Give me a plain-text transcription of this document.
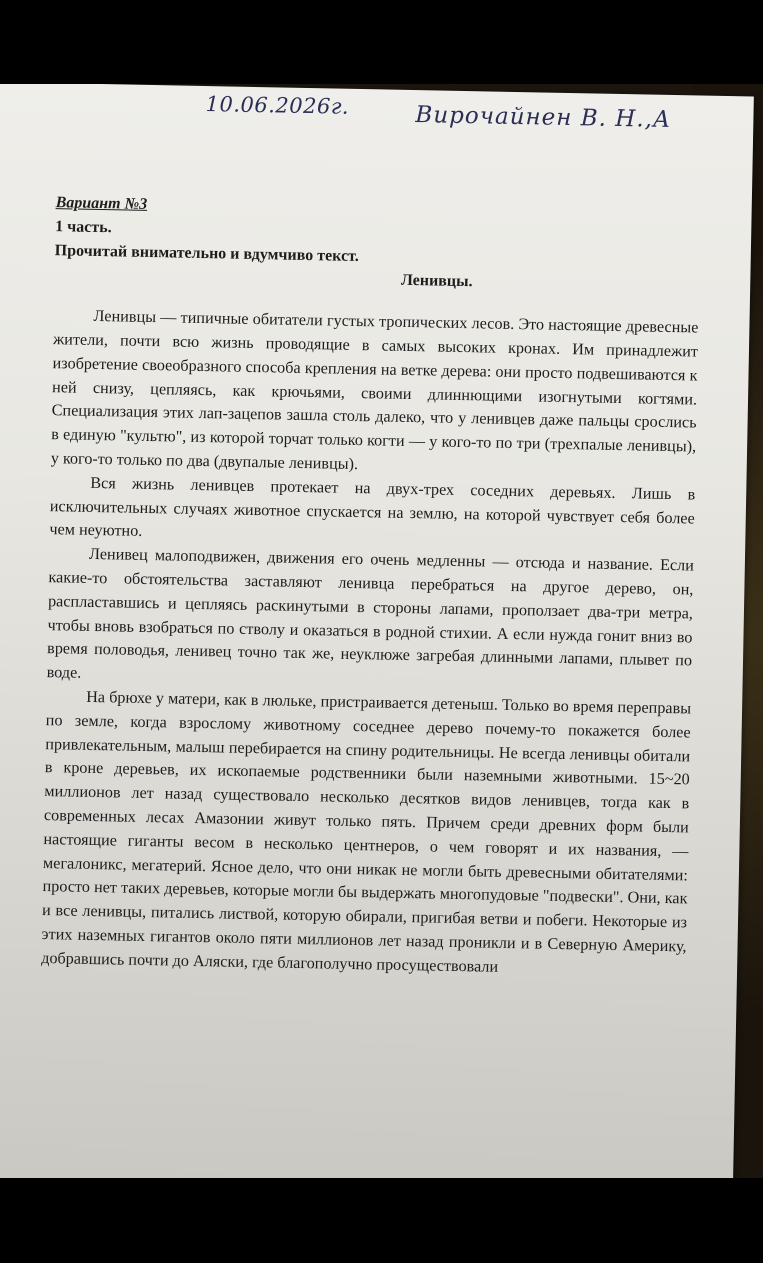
10.06.2026г.	Вирочайнен В. Н.,А

Вариант №3

1 часть.

Прочитай внимательно и вдумчиво текст.

Ленивцы.

Ленивцы — типичные обитатели густых тропических лесов. Это настоящие древесные жители, почти всю жизнь проводящие в самых высоких кронах. Им принадлежит изобретение своеобразного способа крепления на ветке дерева: они просто подвешиваются к ней снизу, цепляясь, как крючьями, своими длиннющими изогнутыми когтями. Специализация этих лап-зацепов зашла столь далеко, что у ленивцев даже пальцы срослись в единую "культю", из которой торчат только когти — у кого-то по три (трехпалые ленивцы), у кого-то только по два (двупалые ленивцы).

Вся жизнь ленивцев протекает на двух-трех соседних деревьях. Лишь в исключительных случаях животное спускается на землю, на которой чувствует себя более чем неуютно.

Ленивец малоподвижен, движения его очень медленны — отсюда и название. Если какие-то обстоятельства заставляют ленивца перебраться на другое дерево, он, распластавшись и цепляясь раскинутыми в стороны лапами, проползает два-три метра, чтобы вновь взобраться по стволу и оказаться в родной стихии. А если нужда гонит вниз во время половодья, ленивец точно так же, неуклюже загребая длинными лапами, плывет по воде.

На брюхе у матери, как в люльке, пристраивается детеныш. Только во время переправы по земле, когда взрослому животному соседнее дерево почему-то покажется более привлекательным, малыш перебирается на спину родительницы. Не всегда ленивцы обитали в кроне деревьев, их ископаемые родственники были наземными животными. 15~20 миллионов лет назад существовало несколько десятков видов ленивцев, тогда как в современных лесах Амазонии живут только пять. Причем среди древних форм были настоящие гиганты весом в несколько центнеров, о чем говорят и их названия, — мегалоникс, мегатерий. Ясное дело, что они никак не могли быть древесными обитателями: просто нет таких деревьев, которые могли бы выдержать многопудовые "подвески". Они, как и все ленивцы, питались листвой, которую обирали, пригибая ветви и побеги. Некоторые из этих наземных гигантов около пяти миллионов лет назад проникли и в Северную Америку, добравшись почти до Аляски, где благополучно просуществовали
